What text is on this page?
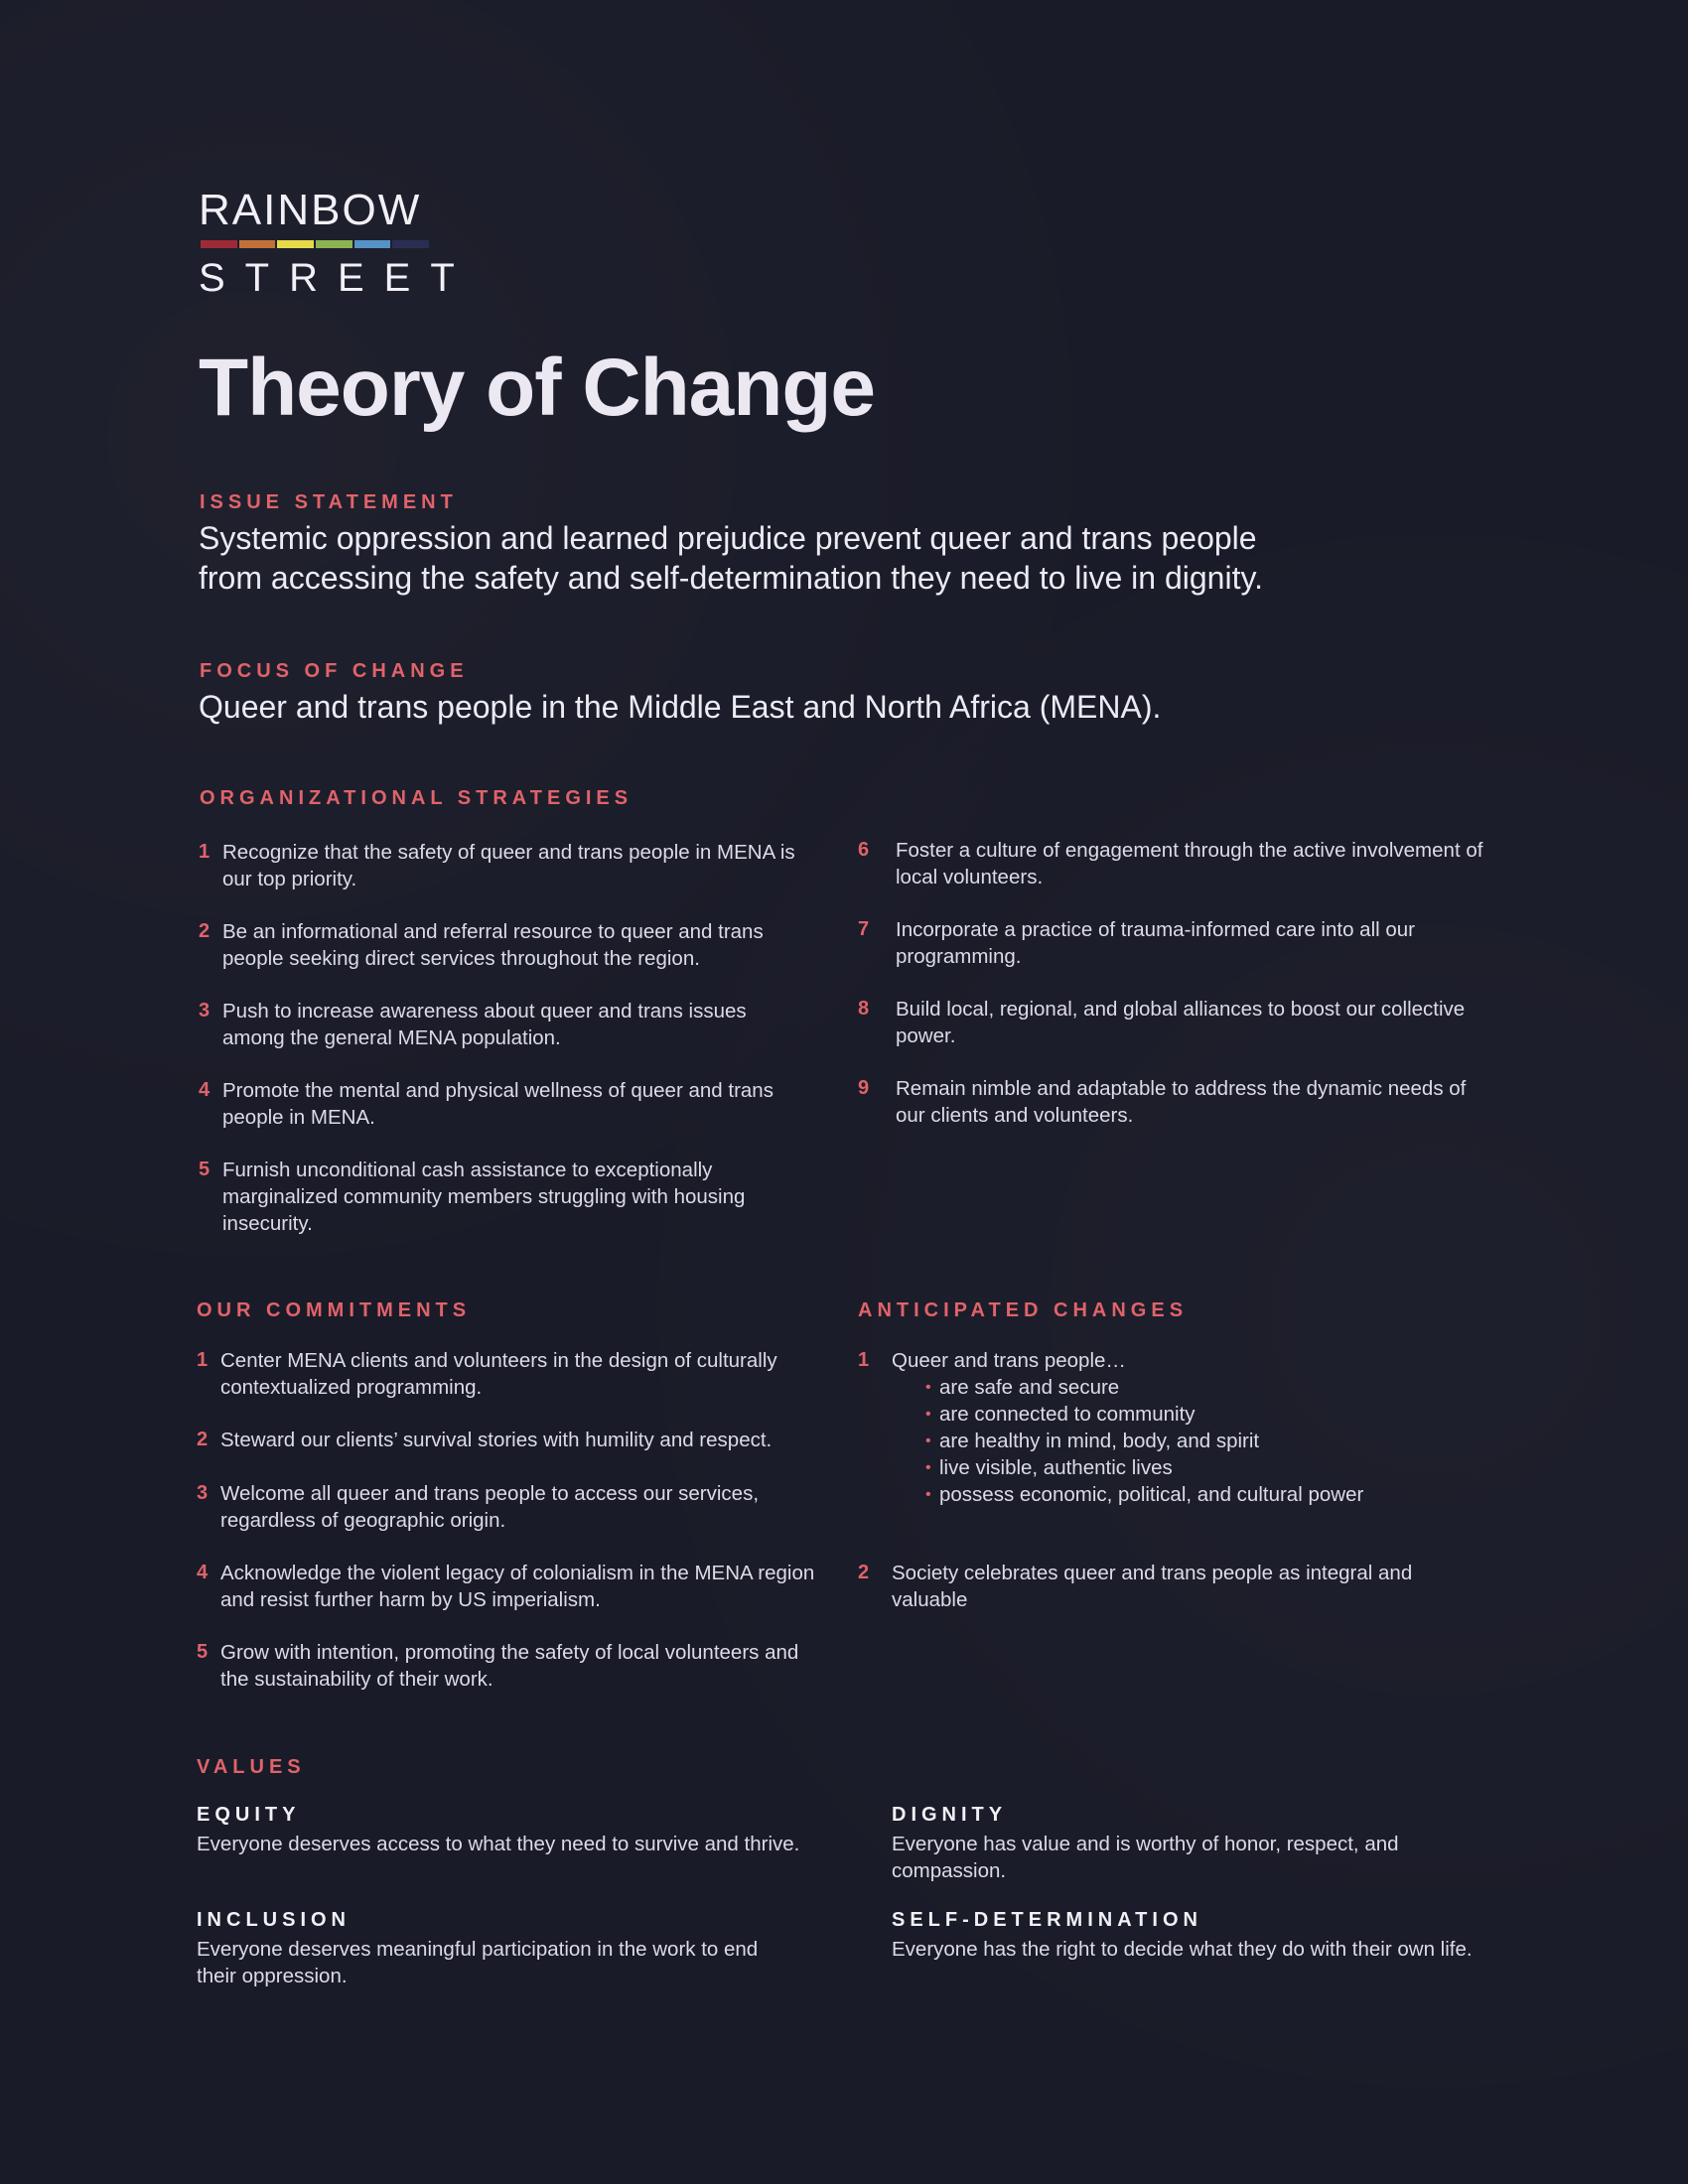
RAINBOW
STREET
Theory of Change
ISSUE STATEMENT
Systemic oppression and learned prejudice prevent queer and trans people
from accessing the safety and self-determination they need to live in dignity.
FOCUS OF CHANGE
Queer and trans people in the Middle East and North Africa (MENA).
ORGANIZATIONAL STRATEGIES
1 Recognize that the safety of queer and trans people in MENA is our top priority.
2 Be an informational and referral resource to queer and trans people seeking direct services throughout the region.
3 Push to increase awareness about queer and trans issues among the general MENA population.
4 Promote the mental and physical wellness of queer and trans people in MENA.
5 Furnish unconditional cash assistance to exceptionally marginalized community members struggling with housing insecurity.
6 Foster a culture of engagement through the active involvement of local volunteers.
7 Incorporate a practice of trauma-informed care into all our programming.
8 Build local, regional, and global alliances to boost our collective power.
9 Remain nimble and adaptable to address the dynamic needs of our clients and volunteers.
OUR COMMITMENTS
1 Center MENA clients and volunteers in the design of culturally contextualized programming.
2 Steward our clients’ survival stories with humility and respect.
3 Welcome all queer and trans people to access our services, regardless of geographic origin.
4 Acknowledge the violent legacy of colonialism in the MENA region and resist further harm by US imperialism.
5 Grow with intention, promoting the safety of local volunteers and the sustainability of their work.
ANTICIPATED CHANGES
1 Queer and trans people…
• are safe and secure
• are connected to community
• are healthy in mind, body, and spirit
• live visible, authentic lives
• possess economic, political, and cultural power
2 Society celebrates queer and trans people as integral and valuable
VALUES
EQUITY
Everyone deserves access to what they need to survive and thrive.
DIGNITY
Everyone has value and is worthy of honor, respect, and compassion.
INCLUSION
Everyone deserves meaningful participation in the work to end their oppression.
SELF-DETERMINATION
Everyone has the right to decide what they do with their own life.
